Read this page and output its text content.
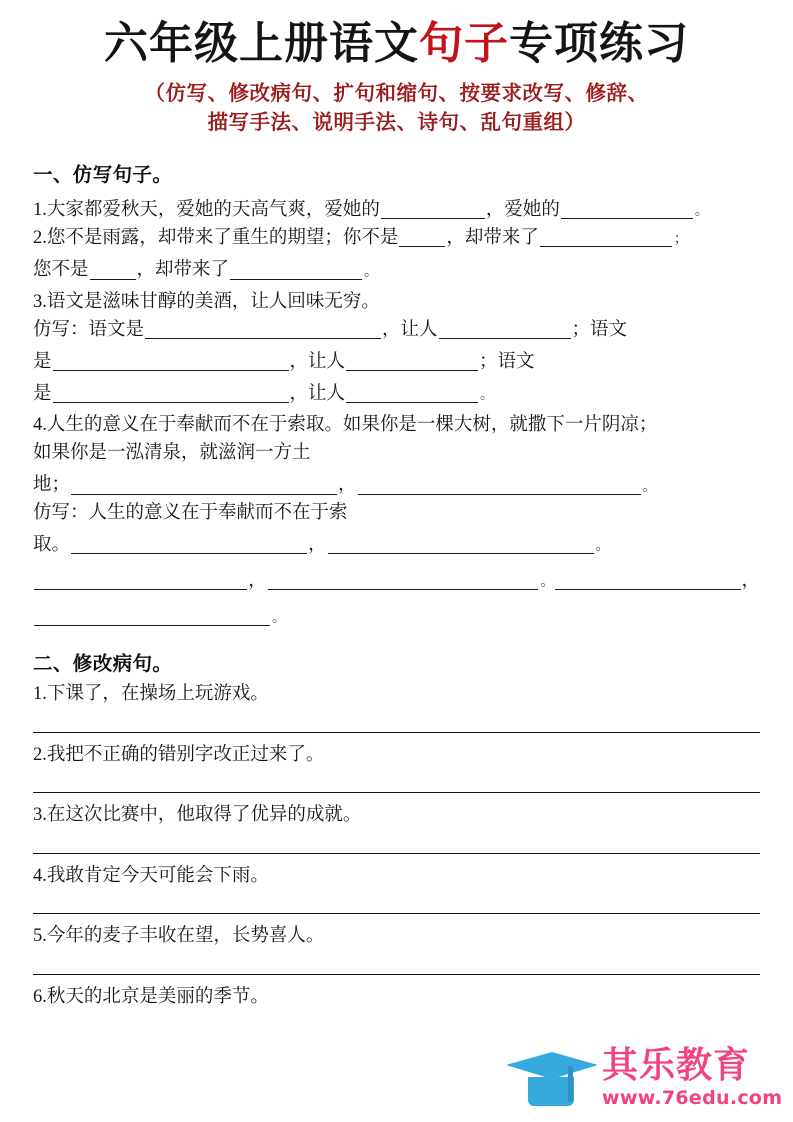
六年级上册语文句子专项练习
（仿写、修改病句、扩句和缩句、按要求改写、修辞、
描写手法、说明手法、诗句、乱句重组）
一、仿写句子。
1. 大家都爱秋天，爱她的天高气爽，爱她的	，爱她的	。
2. 您不是雨露，却带来了重生的期望；你不是	，却带来了	；
您不是	，却带来了	。
3. 语文是滋味甘醇的美酒，让人回味无穷。
仿写：语文是	，让人	；语文
是	，让人	；语文
是	，让人	。
4. 人生的意义在于奉献而不在于索取。如果你是一棵大树，就撒下一片阴凉；
如果你是一泓清泉，就滋润一方土
地；	，	。
仿写：人生的意义在于奉献而不在于索
取。	，	。
，	。	，
。
二、修改病句。
1. 下课了，在操场上玩游戏。
2. 我把不正确的错别字改正过来了。
3. 在这次比赛中，他取得了优异的成就。
4. 我敢肯定今天可能会下雨。
5. 今年的麦子丰收在望，长势喜人。
6. 秋天的北京是美丽的季节。
其乐教育
www.76edu.com
